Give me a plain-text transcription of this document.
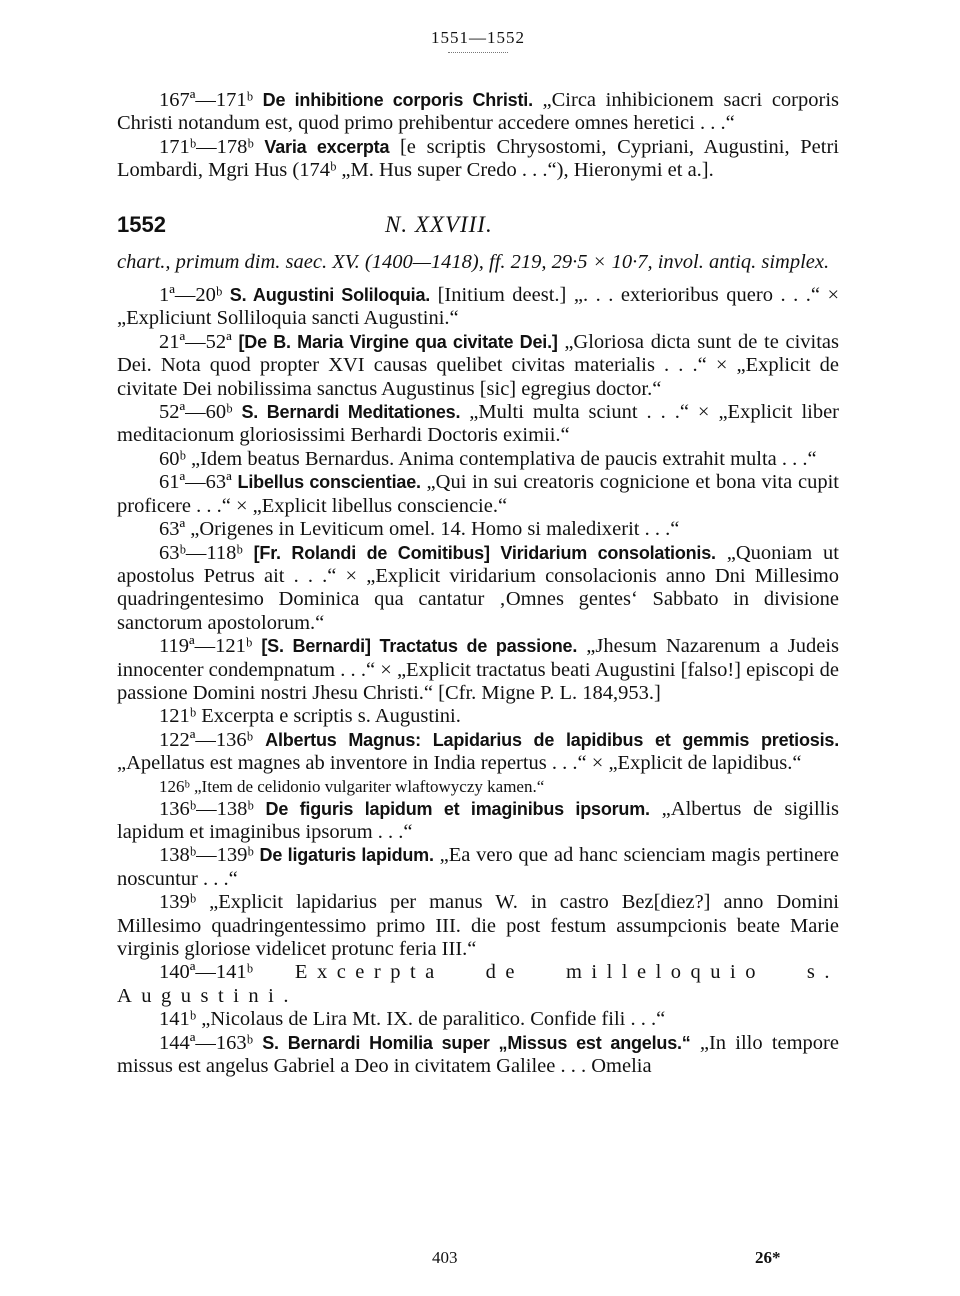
1551—1552

167ª—171ᵇ De inhibitione corporis Christi. „Circa inhibicionem sacri corporis Christi notandum est, quod primo prehibentur accedere omnes heretici . . .“

171ᵇ—178ᵇ Varia excerpta [e scriptis Chrysostomi, Cypriani, Augustini, Petri Lombardi, Mgri Hus (174ᵇ „M. Hus super Credo . . .“), Hieronymi et a.].

1552	N. XXVIII.

chart., primum dim. saec. XV. (1400—1418), ff. 219, 29·5 × 10·7, invol. antiq. simplex.

1ª—20ᵇ S. Augustini Soliloquia. [Initium deest.] „. . . exterioribus quero . . .“ × „Expliciunt Solliloquia sancti Augustini.“

21ª—52ª [De B. Maria Virgine qua civitate Dei.] „Gloriosa dicta sunt de te civitas Dei. Nota quod propter XVI causas quelibet civitas materialis . . .“ × „Explicit de civitate Dei nobilissima sanctus Augustinus [sic] egregius doctor.“

52ª—60ᵇ S. Bernardi Meditationes. „Multi multa sciunt . . .“ × „Explicit liber meditacionum gloriosissimi Berhardi Doctoris eximii.“

60ᵇ „Idem beatus Bernardus. Anima contemplativa de paucis extrahit multa . . .“

61ª—63ª Libellus conscientiae. „Qui in sui creatoris cognicione et bona vita cupit proficere . . .“ × „Explicit libellus consciencie.“

63ª „Origenes in Leviticum omel. 14. Homo si maledixerit . . .“

63ᵇ—118ᵇ [Fr. Rolandi de Comitibus] Viridarium consolationis. „Quoniam ut apostolus Petrus ait . . .“ × „Explicit viridarium consolacionis anno Dni Millesimo quadringentesimo Dominica qua cantatur ‚Omnes gentes‘ Sabbato in divisione sanctorum apostolorum.“

119ª—121ᵇ [S. Bernardi] Tractatus de passione. „Jhesum Nazarenum a Judeis innocenter condempnatum . . .“ × „Explicit tractatus beati Augustini [falso!] episcopi de passione Domini nostri Jhesu Christi.“ [Cfr. Migne P. L. 184,953.]

121ᵇ Excerpta e scriptis s. Augustini.

122ª—136ᵇ Albertus Magnus: Lapidarius de lapidibus et gemmis pretiosis. „Apellatus est magnes ab inventore in India repertus . . .“ × „Explicit de lapidibus.“

126ᵇ „Item de celidonio vulgariter wlaftowyczy kamen.“

136ᵇ—138ᵇ De figuris lapidum et imaginibus ipsorum. „Albertus de sigillis lapidum et imaginibus ipsorum . . .“

138ᵇ—139ᵇ De ligaturis lapidum. „Ea vero que ad hanc scienciam magis pertinere noscuntur . . .“

139ᵇ „Explicit lapidarius per manus W. in castro Bez[diez?] anno Domini Millesimo quadringentessimo primo III. die post festum assumpcionis beate Marie virginis gloriose videlicet protunc feria III.“

140ª—141ᵇ Excerpta de milleloquio s. Augustini.

141ᵇ „Nicolaus de Lira Mt. IX. de paralitico. Confide fili . . .“

144ª—163ᵇ S. Bernardi Homilia super „Missus est angelus.“ „In illo tempore missus est angelus Gabriel a Deo in civitatem Galilee . . . Omelia

403	26*
